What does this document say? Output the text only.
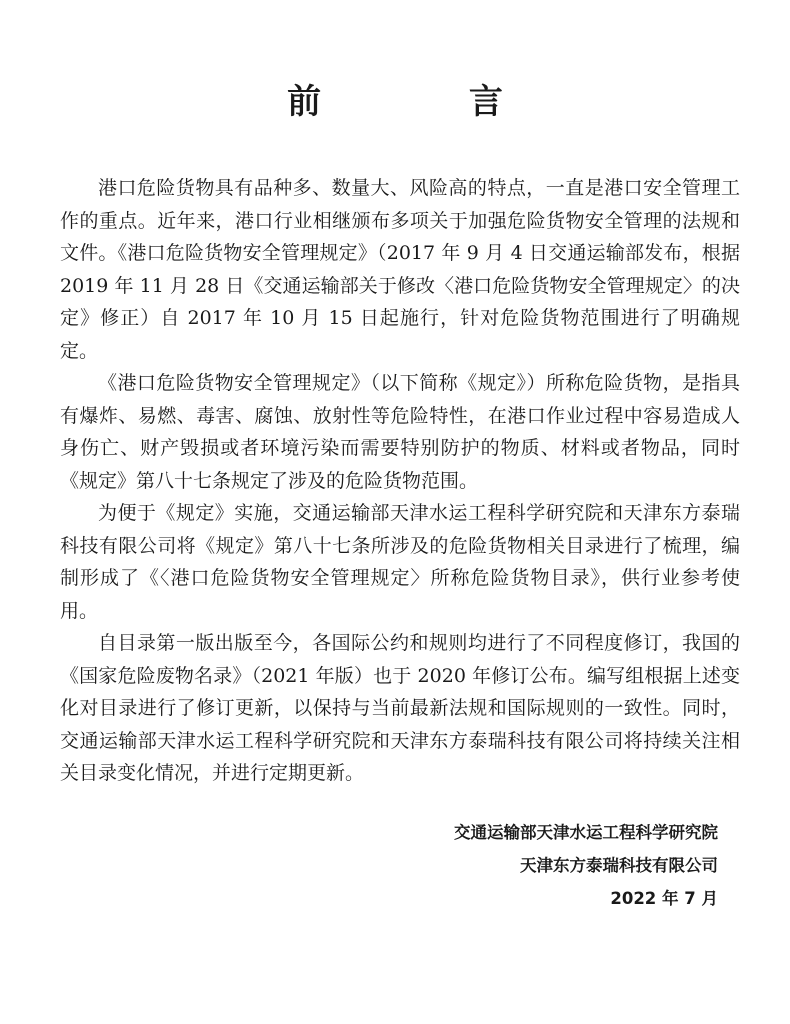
前 言

港口危险货物具有品种多、数量大、风险高的特点，一直是港口安全管理工作的重点。近年来，港口行业相继颁布多项关于加强危险货物安全管理的法规和文件。《港口危险货物安全管理规定》（2017 年 9 月 4 日交通运输部发布，根据 2019 年 11 月 28 日《交通运输部关于修改〈港口危险货物安全管理规定〉的决定》修正）自 2017 年 10 月 15 日起施行，针对危险货物范围进行了明确规定。

《港口危险货物安全管理规定》（以下简称《规定》）所称危险货物，是指具有爆炸、易燃、毒害、腐蚀、放射性等危险特性，在港口作业过程中容易造成人身伤亡、财产毁损或者环境污染而需要特别防护的物质、材料或者物品，同时《规定》第八十七条规定了涉及的危险货物范围。

为便于《规定》实施，交通运输部天津水运工程科学研究院和天津东方泰瑞科技有限公司将《规定》第八十七条所涉及的危险货物相关目录进行了梳理，编制形成了《〈港口危险货物安全管理规定〉所称危险货物目录》，供行业参考使用。

自目录第一版出版至今，各国际公约和规则均进行了不同程度修订，我国的《国家危险废物名录》（2021 年版）也于 2020 年修订公布。编写组根据上述变化对目录进行了修订更新，以保持与当前最新法规和国际规则的一致性。同时，交通运输部天津水运工程科学研究院和天津东方泰瑞科技有限公司将持续关注相关目录变化情况，并进行定期更新。

交通运输部天津水运工程科学研究院
天津东方泰瑞科技有限公司
2022 年 7 月
